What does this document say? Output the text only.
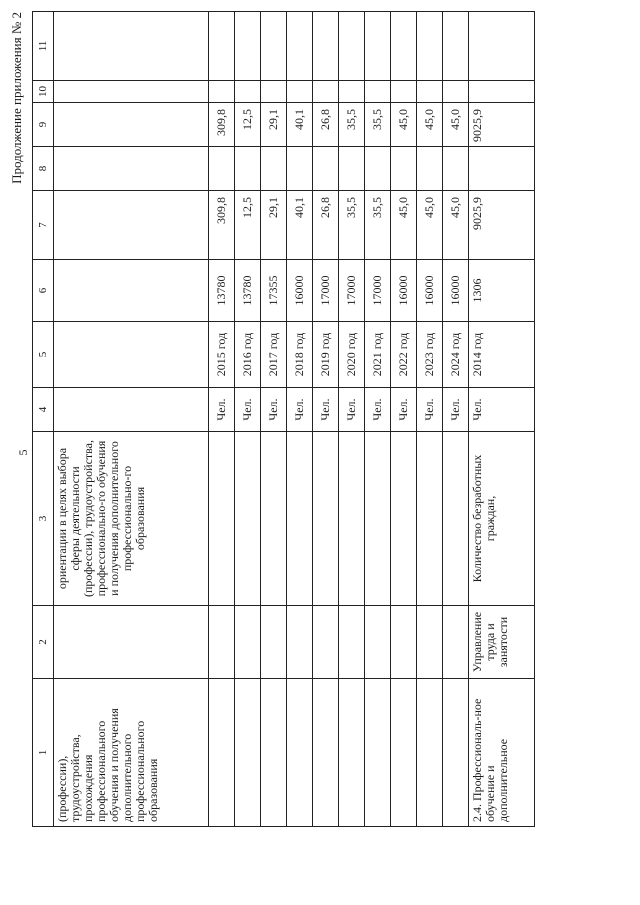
5
Продолжение приложения № 2
1	2	3	4	5	6	7	8	9	10	11
(профессии), трудоустройства, прохождения профессионального обучения и получения дополнительного профессионального образования		ориентации в целях выбора сферы деятельности (профессии), трудоустройства, профессионально-го обучения и получения дополнительного профессионально-го образования								
			Чел.	2015 год	13780	309,8		309,8		
			Чел.	2016 год	13780	12,5		12,5		
			Чел.	2017 год	17355	29,1		29,1		
			Чел.	2018 год	16000	40,1		40,1		
			Чел.	2019 год	17000	26,8		26,8		
			Чел.	2020 год	17000	35,5		35,5		
			Чел.	2021 год	17000	35,5		35,5		
			Чел.	2022 год	16000	45,0		45,0		
			Чел.	2023 год	16000	45,0		45,0		
			Чел.	2024 год	16000	45,0		45,0		
2.4. Профессиональ-ное обучение и дополнительное	Управление труда и занятости	Количество безработных граждан,	Чел.	2014 год	1306	9025,9		9025,9		
